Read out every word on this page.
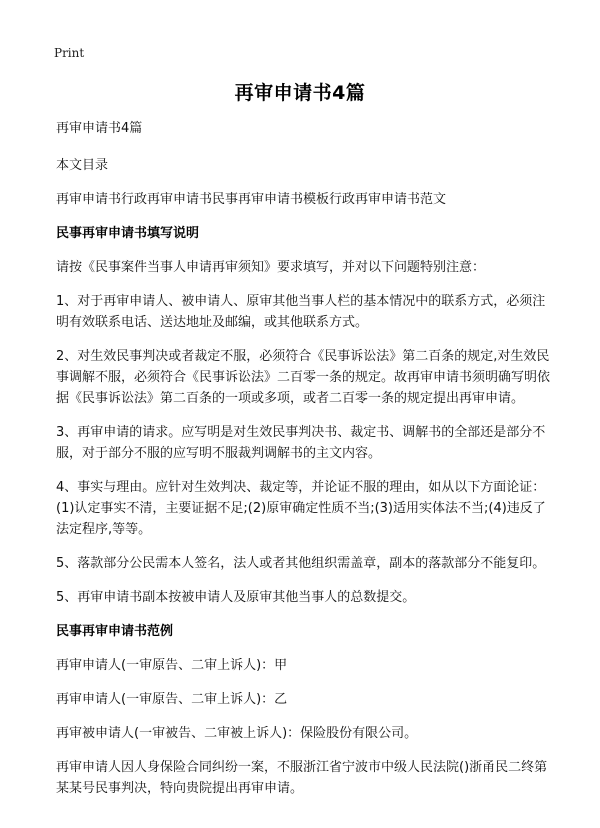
Print
再审申请书4篇

再审申请书4篇

本文目录

再审申请书行政再审申请书民事再审申请书模板行政再审申请书范文

民事再审申请书填写说明

请按《民事案件当事人申请再审须知》要求填写，并对以下问题特别注意：

1、对于再审申请人、被申请人、原审其他当事人栏的基本情况中的联系方式，必须注明有效联系电话、送达地址及邮编，或其他联系方式。

2、对生效民事判决或者裁定不服，必须符合《民事诉讼法》第二百条的规定,对生效民事调解不服，必须符合《民事诉讼法》二百零一条的规定。故再审申请书须明确写明依据《民事诉讼法》第二百条的一项或多项，或者二百零一条的规定提出再审申请。

3、再审申请的请求。应写明是对生效民事判决书、裁定书、调解书的全部还是部分不服，对于部分不服的应写明不服裁判调解书的主文内容。

4、事实与理由。应针对生效判决、裁定等，并论证不服的理由，如从以下方面论证：(1)认定事实不清，主要证据不足;(2)原审确定性质不当;(3)适用实体法不当;(4)违反了法定程序,等等。

5、落款部分公民需本人签名，法人或者其他组织需盖章，副本的落款部分不能复印。

5、再审申请书副本按被申请人及原审其他当事人的总数提交。

民事再审申请书范例

再审申请人(一审原告、二审上诉人)：甲

再审申请人(一审原告、二审上诉人)：乙

再审被申请人(一审被告、二审被上诉人)：保险股份有限公司。

再审申请人因人身保险合同纠纷一案，不服浙江省宁波市中级人民法院()浙甬民二终第某某号民事判决，特向贵院提出再审申请。
